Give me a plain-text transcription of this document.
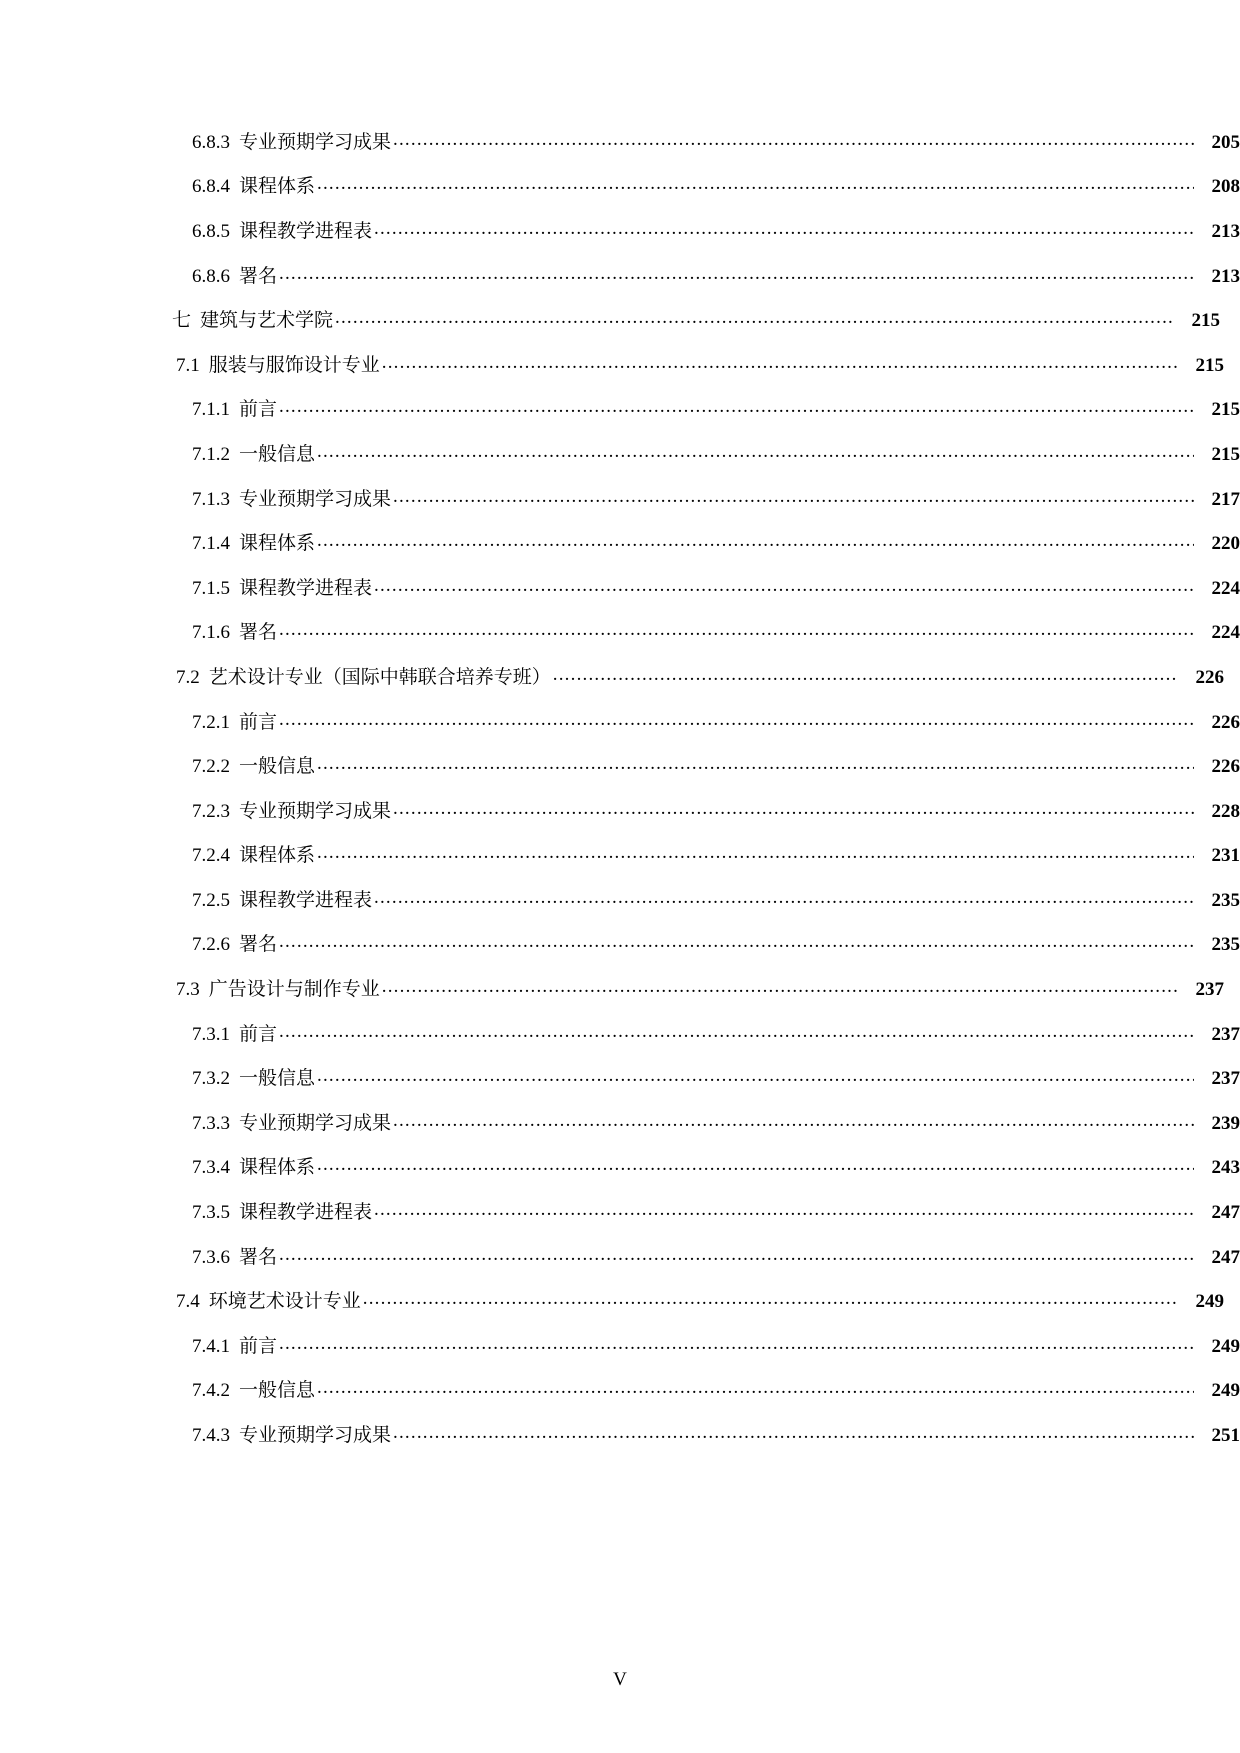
6.8.3 专业预期学习成果 .....	205
6.8.4 课程体系 .....	208
6.8.5 课程教学进程表 .....	213
6.8.6 署名 .....	213
七 建筑与艺术学院 .....	215
7.1 服装与服饰设计专业 .....	215
7.1.1 前言 .....	215
7.1.2 一般信息 .....	215
7.1.3 专业预期学习成果 .....	217
7.1.4 课程体系 .....	220
7.1.5 课程教学进程表 .....	224
7.1.6 署名 .....	224
7.2 艺术设计专业（国际中韩联合培养专班） .....	226
7.2.1 前言 .....	226
7.2.2 一般信息 .....	226
7.2.3 专业预期学习成果 .....	228
7.2.4 课程体系 .....	231
7.2.5 课程教学进程表 .....	235
7.2.6 署名 .....	235
7.3 广告设计与制作专业 .....	237
7.3.1 前言 .....	237
7.3.2 一般信息 .....	237
7.3.3 专业预期学习成果 .....	239
7.3.4 课程体系 .....	243
7.3.5 课程教学进程表 .....	247
7.3.6 署名 .....	247
7.4 环境艺术设计专业 .....	249
7.4.1 前言 .....	249
7.4.2 一般信息 .....	249
7.4.3 专业预期学习成果 .....	251
V
